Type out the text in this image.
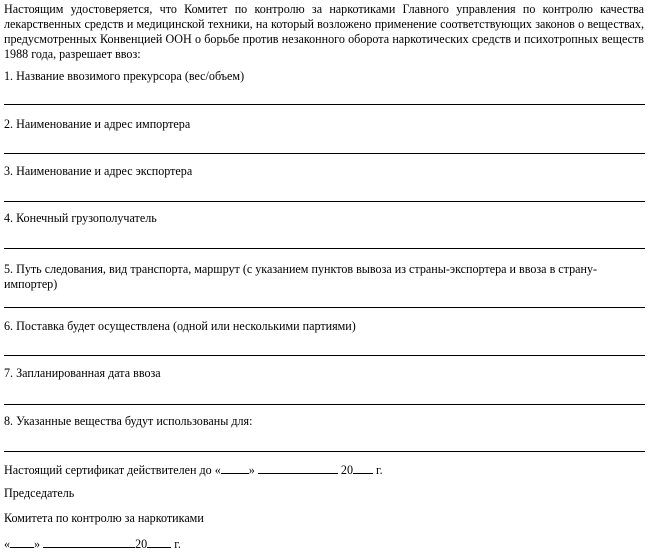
Настоящим удостоверяется, что Комитет по контролю за наркотиками Главного управления по контролю качества лекарственных средств и медицинской техники, на который возложено применение соответствующих законов о веществах, предусмотренных Конвенцией ООН о борьбе против незаконного оборота наркотических средств и психотропных веществ 1988 года, разрешает ввоз:
1. Название ввозимого прекурсора (вес/объем)
2. Наименование и адрес импортера
3. Наименование и адрес экспортера
4. Конечный грузополучатель
5. Путь следования, вид транспорта, маршрут (с указанием пунктов вывоза из страны-экспортера и ввоза в страну-
импортер)
6. Поставка будет осуществлена (одной или несколькими партиями)
7. Запланированная дата ввоза
8. Указанные вещества будут использованы для:
Настоящий сертификат действителен до « »	20 г.
Председатель
Комитета по контролю за наркотиками
« »	20 г.
